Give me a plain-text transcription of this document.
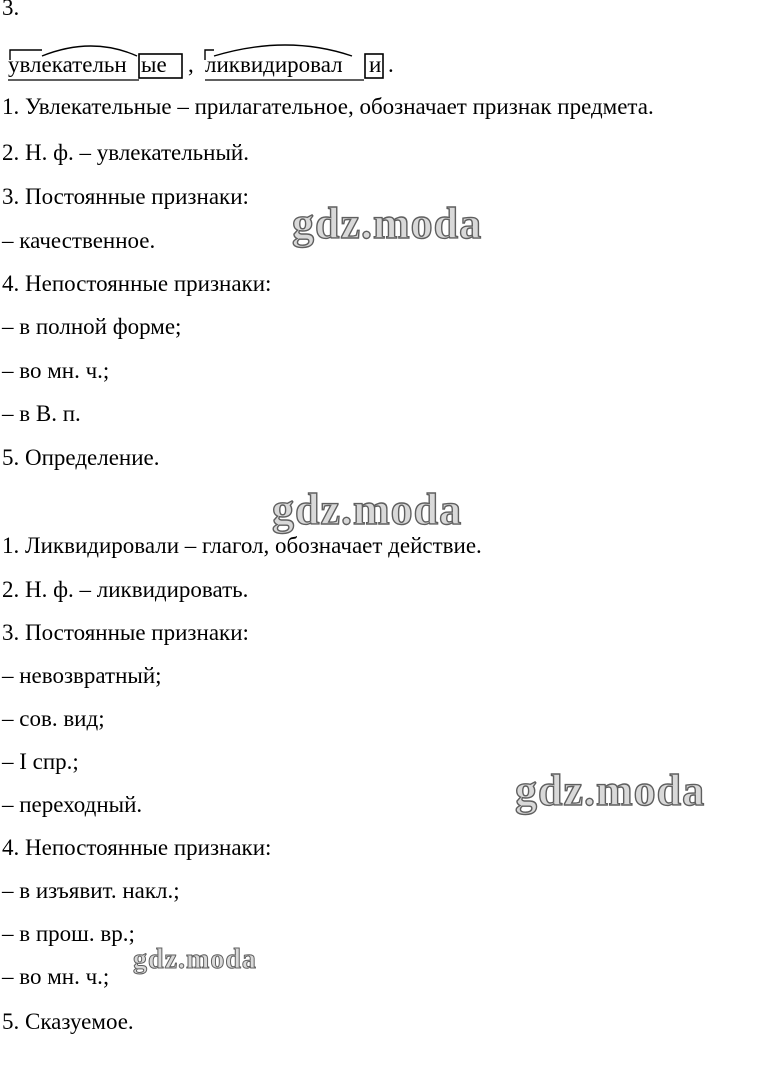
3.
увлекательн ые , ликвидировал и .
1. Увлекательные – прилагательное, обозначает признак предмета.
2. Н. ф. – увлекательный.
3. Постоянные признаки:
– качественное.
4. Непостоянные признаки:
– в полной форме;
– во мн. ч.;
– в В. п.
5. Определение.
1. Ликвидировали – глагол, обозначает действие.
2. Н. ф. – ликвидировать.
3. Постоянные признаки:
– невозвратный;
– сов. вид;
– I спр.;
– переходный.
4. Непостоянные признаки:
– в изъявит. накл.;
– в прош. вр.;
– во мн. ч.;
5. Сказуемое.
gdz.moda
gdz.moda
gdz.moda
gdz.moda
